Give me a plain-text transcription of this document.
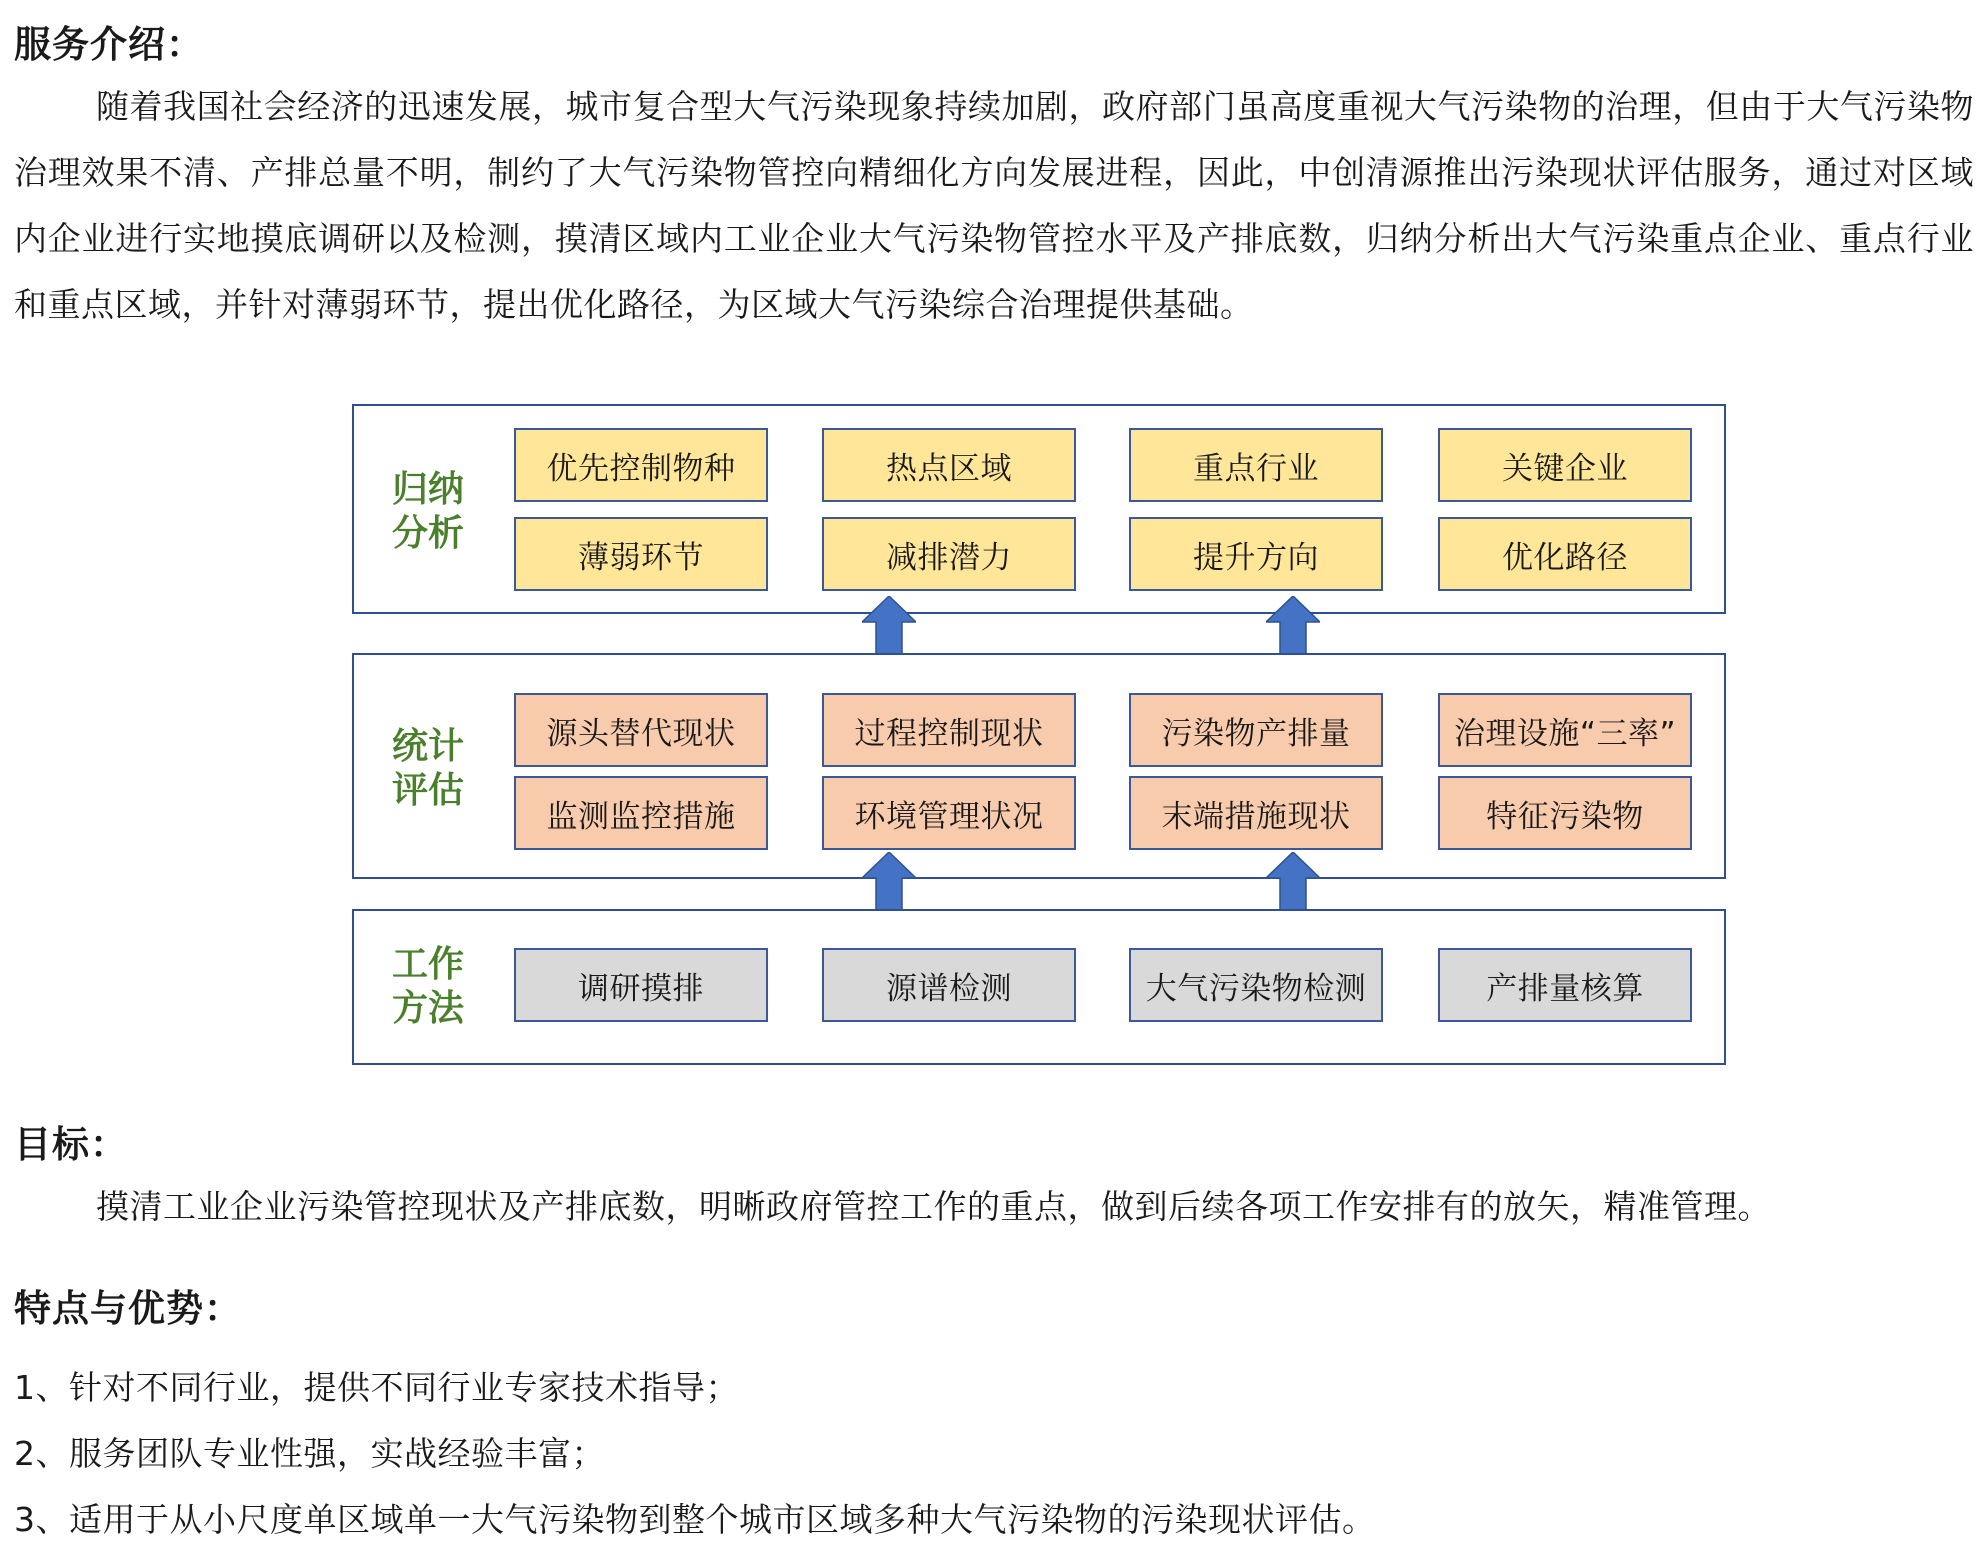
服务介绍：
随着我国社会经济的迅速发展，城市复合型大气污染现象持续加剧，政府部门虽高度重视大气污染物的治理，但由于大气污染物治理效果不清、产排总量不明，制约了大气污染物管控向精细化方向发展进程，因此，中创清源推出污染现状评估服务，通过对区域内企业进行实地摸底调研以及检测，摸清区域内工业企业大气污染物管控水平及产排底数，归纳分析出大气污染重点企业、重点行业和重点区域，并针对薄弱环节，提出优化路径，为区域大气污染综合治理提供基础。
归纳分析
优先控制物种	热点区域	重点行业	关键企业
薄弱环节	减排潜力	提升方向	优化路径
统计评估
源头替代现状	过程控制现状	污染物产排量	治理设施“三率”
监测监控措施	环境管理状况	末端措施现状	特征污染物
工作方法	调研摸排	源谱检测	大气污染物检测	产排量核算
目标：
摸清工业企业污染管控现状及产排底数，明晰政府管控工作的重点，做到后续各项工作安排有的放矢，精准管理。
特点与优势：
1、针对不同行业，提供不同行业专家技术指导；
2、服务团队专业性强，实战经验丰富；
3、适用于从小尺度单区域单一大气污染物到整个城市区域多种大气污染物的污染现状评估。
